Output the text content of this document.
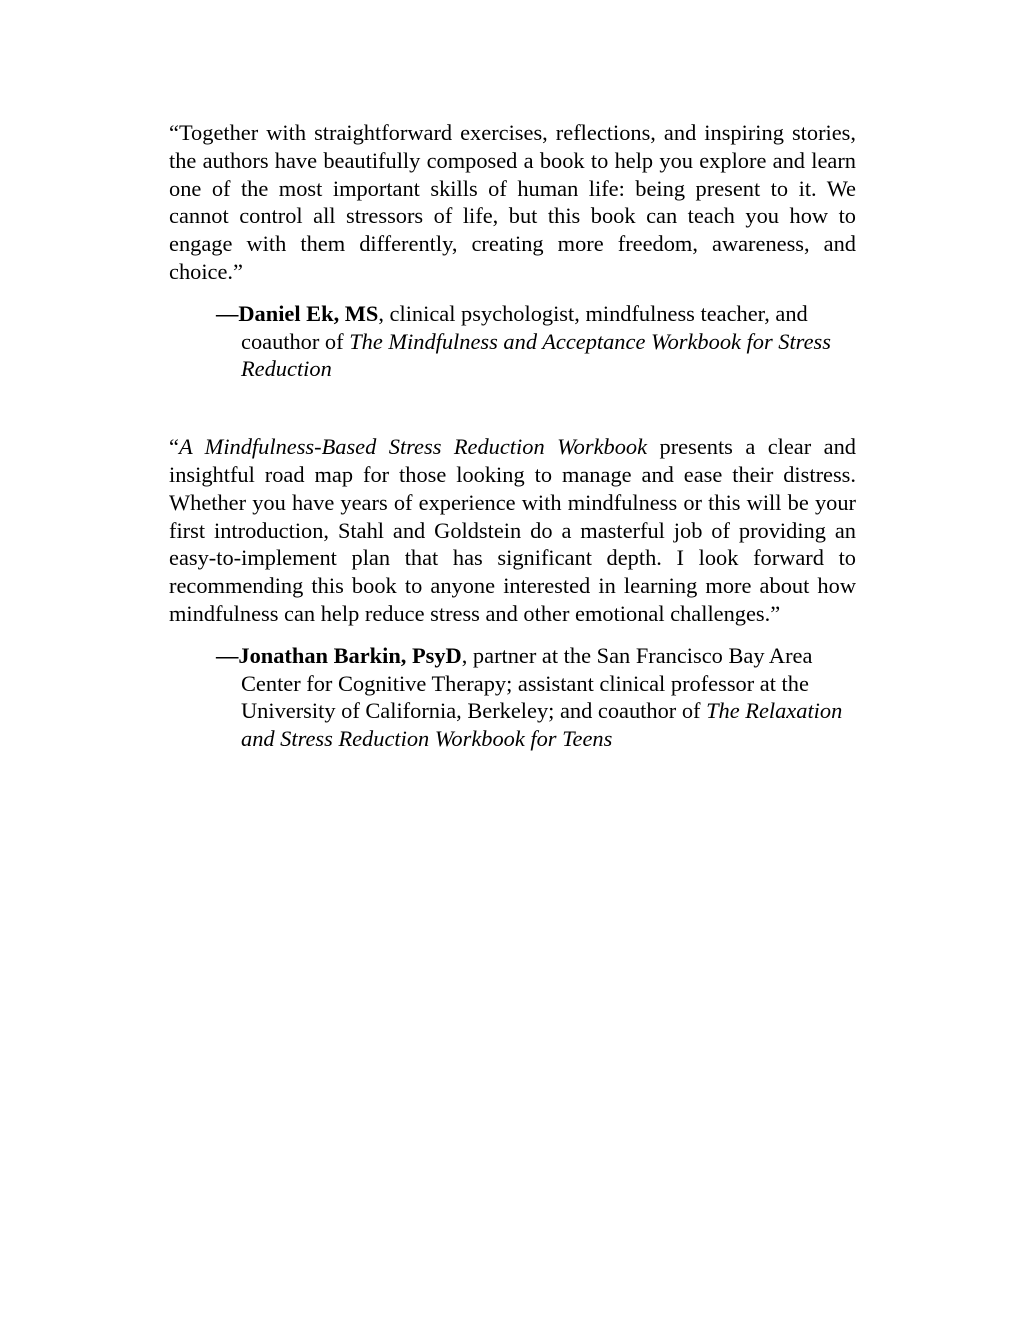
“Together with straightforward exercises, reflections, and inspiring stories, the authors have beautifully composed a book to help you explore and learn one of the most important skills of human life: being present to it. We cannot control all stressors of life, but this book can teach you how to engage with them differently, creating more freedom, awareness, and choice.”

—Daniel Ek, MS, clinical psychologist, mindfulness teacher, and coauthor of The Mindfulness and Acceptance Workbook for Stress Reduction

“A Mindfulness-Based Stress Reduction Workbook presents a clear and insightful road map for those looking to manage and ease their distress. Whether you have years of experience with mindfulness or this will be your first introduction, Stahl and Goldstein do a masterful job of providing an easy-to-implement plan that has significant depth. I look forward to recommending this book to anyone interested in learning more about how mindfulness can help reduce stress and other emotional challenges.”

—Jonathan Barkin, PsyD, partner at the San Francisco Bay Area Center for Cognitive Therapy; assistant clinical professor at the University of California, Berkeley; and coauthor of The Relaxation and Stress Reduction Workbook for Teens
